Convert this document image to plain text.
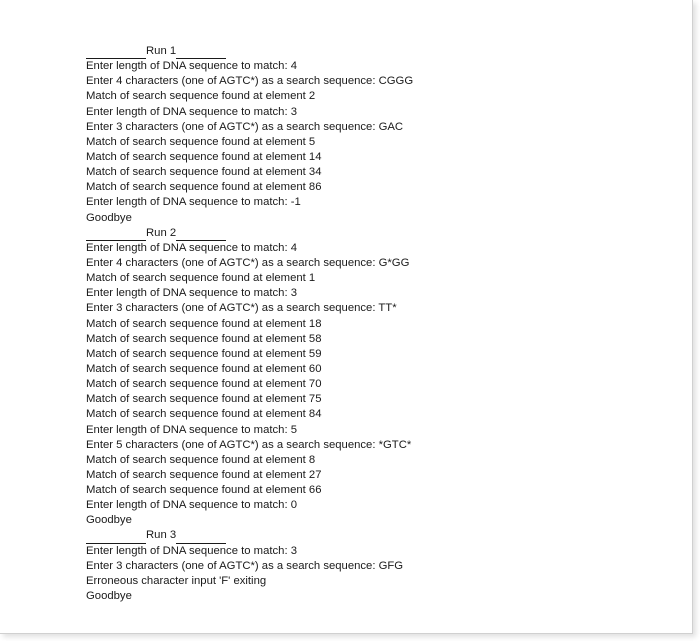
Run 1
Enter length of DNA sequence to match: 4
Enter 4 characters (one of AGTC*) as a search sequence: CGGG
Match of search sequence found at element 2
Enter length of DNA sequence to match: 3
Enter 3 characters (one of AGTC*) as a search sequence: GAC
Match of search sequence found at element 5
Match of search sequence found at element 14
Match of search sequence found at element 34
Match of search sequence found at element 86
Enter length of DNA sequence to match: -1
Goodbye
Run 2
Enter length of DNA sequence to match: 4
Enter 4 characters (one of AGTC*) as a search sequence: G*GG
Match of search sequence found at element 1
Enter length of DNA sequence to match: 3
Enter 3 characters (one of AGTC*) as a search sequence: TT*
Match of search sequence found at element 18
Match of search sequence found at element 58
Match of search sequence found at element 59
Match of search sequence found at element 60
Match of search sequence found at element 70
Match of search sequence found at element 75
Match of search sequence found at element 84
Enter length of DNA sequence to match: 5
Enter 5 characters (one of AGTC*) as a search sequence: *GTC*
Match of search sequence found at element 8
Match of search sequence found at element 27
Match of search sequence found at element 66
Enter length of DNA sequence to match: 0
Goodbye
Run 3
Enter length of DNA sequence to match: 3
Enter 3 characters (one of AGTC*) as a search sequence: GFG
Erroneous character input 'F' exiting
Goodbye
